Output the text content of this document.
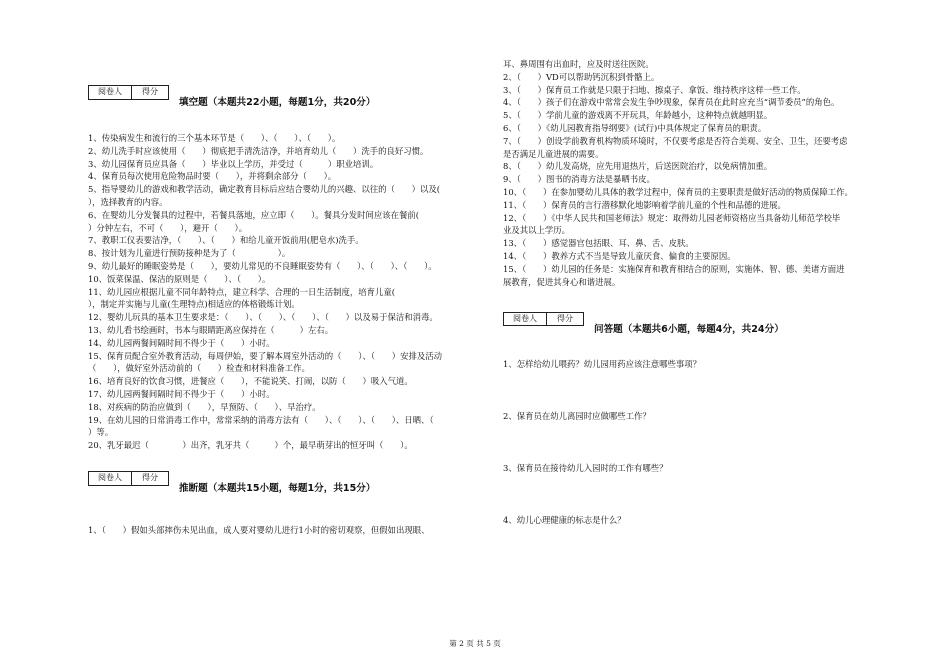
阅卷人	得分
填空题（本题共22小题，每题1分，共20分）
1、传染病发生和流行的三个基本环节是（　　）、（　　）、（　　）。
2、幼儿洗手时应该使用（　　）彻底把手清洗洁净，并培育幼儿（　　）洗手的良好习惯。
3、幼儿园保育员应具备（　　）毕业以上学历，并受过（　　　）职业培训。
4、保育员每次使用危险物品时要（　　），并将剩余部分（　　）。
5、指导婴幼儿的游戏和教学活动，确定教育目标后应结合婴幼儿的兴趣、以往的（　　）以及(
），选择教育的内容。
6、在婴幼儿分发餐具的过程中，若餐具落地，应立即（　　）。餐具分发时间应该在餐前(
）分钟左右，不可（　　），避开（　　）。
7、教职工仪表要洁净，（　　）、（　　）和给儿童开饭前用(肥皂水)洗手。
8、按计划为儿童进行预防接种是为了（　　　　　）。
9、幼儿最好的睡眠姿势是（　　），要幼儿常见的不良睡眠姿势有（　　）、（　　）、（　　）。
10、饭菜保温、保洁的原则是（　　）、（　　）。
11、幼儿园应根据儿童不同年龄特点，建立科学、合理的一日生活制度，培育儿童(
），制定并实施与儿童(生理特点)相适应的体格锻炼计划。
12、婴幼儿玩具的基本卫生要求是：（　　）、（　　）、（　　）、（　　）以及易于保洁和消毒。
13、幼儿看书绘画时，书本与眼睛距离应保持在（　　　）左右。
14、幼儿园两餐间隔时间不得少于（　　）小时。
15、保育员配合室外教育活动，每周伊始，要了解本周室外活动的（　　）、（　　）安排及活动
（　　），做好室外活动前的（　　）检查和材料准备工作。
16、培育良好的饮食习惯，进餐应（　　），不能说笑、打闹，以防（　　）吸入气道。
17、幼儿园两餐间隔时间不得少于（　　）小时。
18、对疾病的防治应做到（　　），早预防、（　　）、早治疗。
19、在幼儿园的日常消毒工作中，常常采纳的消毒方法有（　　）、（　　）、（　　）、日晒、（
）等。
20、乳牙最迟（　　　　）出齐，乳牙共（　　　）个，最早萌芽出的恒牙叫（　　）。
阅卷人	得分
推断题（本题共15小题，每题1分，共15分）
1、（　　）假如头部摔伤未见出血，成人要对婴幼儿进行1小时的密切观察，但假如出现眼、
耳、鼻周围有出血时，应及时送往医院。
2、（　　）VD可以帮助钙沉积到骨骼上。
3、（　　）保育员工作就是只限于扫地、擦桌子、拿饭、维持秩序这样一些工作。
4、（　　）孩子们在游戏中常常会发生争吵现象，保育员在此时应充当“调节委员”的角色。
5、（　　）学前儿童的游戏离不开玩具，年龄越小，这种特点就越明显。
6、（　　）《幼儿园教育指导纲要》(试行)中具体规定了保育员的职责。
7、（　　）创设学前教育机构物质环境时，不仅要考虑是否符合美观、安全、卫生，还要考虑
是否满足儿童进展的需要。
8、（　　）幼儿发高烧，应先用退热片，后送医院治疗，以免病情加重。
9、（　　）图书的消毒方法是暴晒书皮。
10、（　　）在参加婴幼儿具体的教学过程中，保育员的主要职责是做好活动的物质保障工作。
11、（　　）保育员的言行潜移默化地影响着学前儿童的个性和品德的进展。
12、（　　）《中华人民共和国老师法》规定：取得幼儿园老师资格应当具备幼儿师范学校毕
业及其以上学历。
13、（　　）感觉器官包括眼、耳、鼻、舌、皮肤。
14、（　　）教养方式不当是导致儿童厌食、偏食的主要原因。
15、（　　）幼儿园的任务是：实施保育和教育相结合的原则，实施体、智、德、美诸方面进
展教育，促进其身心和谐进展。
阅卷人	得分
问答题（本题共6小题，每题4分，共24分）
1、怎样给幼儿喂药？幼儿园用药应该注意哪些事项？
2、保育员在幼儿离园时应做哪些工作？
3、保育员在接待幼儿入园时的工作有哪些？
4、幼儿心理健康的标志是什么？
第 2 页 共 5 页
